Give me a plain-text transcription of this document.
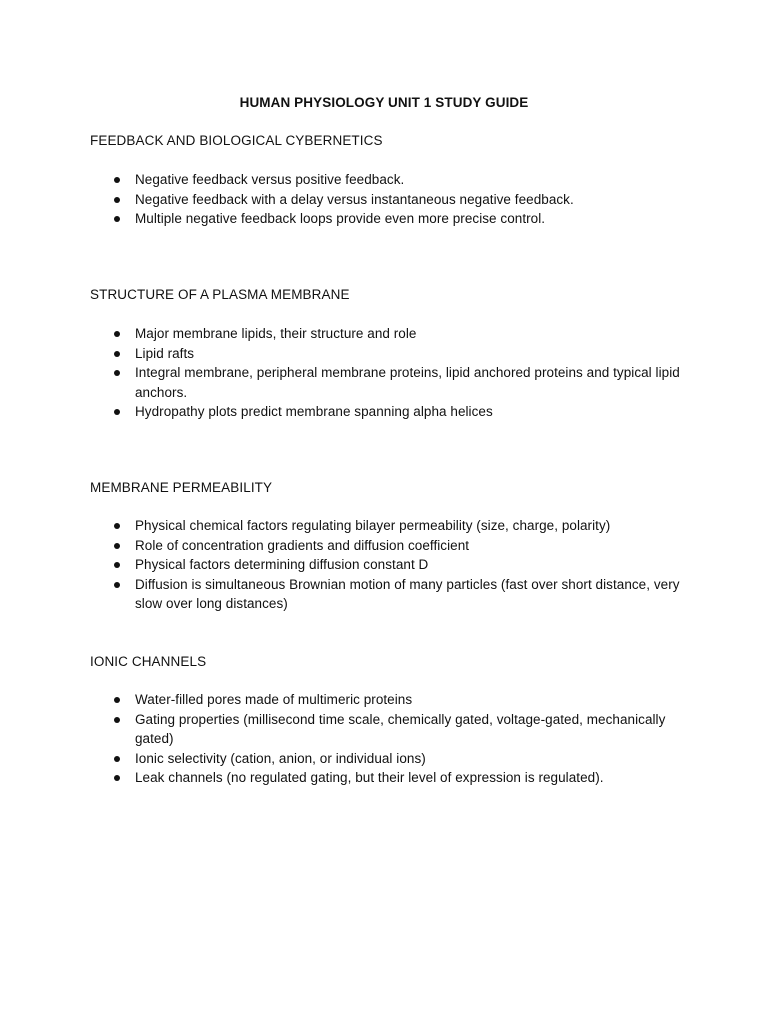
HUMAN PHYSIOLOGY UNIT 1 STUDY GUIDE
FEEDBACK AND BIOLOGICAL CYBERNETICS
Negative feedback versus positive feedback.
Negative feedback with a delay versus instantaneous negative feedback.
Multiple negative feedback loops provide even more precise control.
STRUCTURE OF A PLASMA MEMBRANE
Major membrane lipids, their structure and role
Lipid rafts
Integral membrane, peripheral membrane proteins, lipid anchored proteins and typical lipid anchors.
Hydropathy plots predict membrane spanning alpha helices
MEMBRANE PERMEABILITY
Physical chemical factors regulating bilayer permeability (size, charge, polarity)
Role of concentration gradients and diffusion coefficient
Physical factors determining diffusion constant D
Diffusion is simultaneous Brownian motion of many particles (fast over short distance, very slow over long distances)
IONIC CHANNELS
Water-filled pores made of multimeric proteins
Gating properties (millisecond time scale, chemically gated, voltage-gated, mechanically gated)
Ionic selectivity (cation, anion, or individual ions)
Leak channels (no regulated gating, but their level of expression is regulated).
